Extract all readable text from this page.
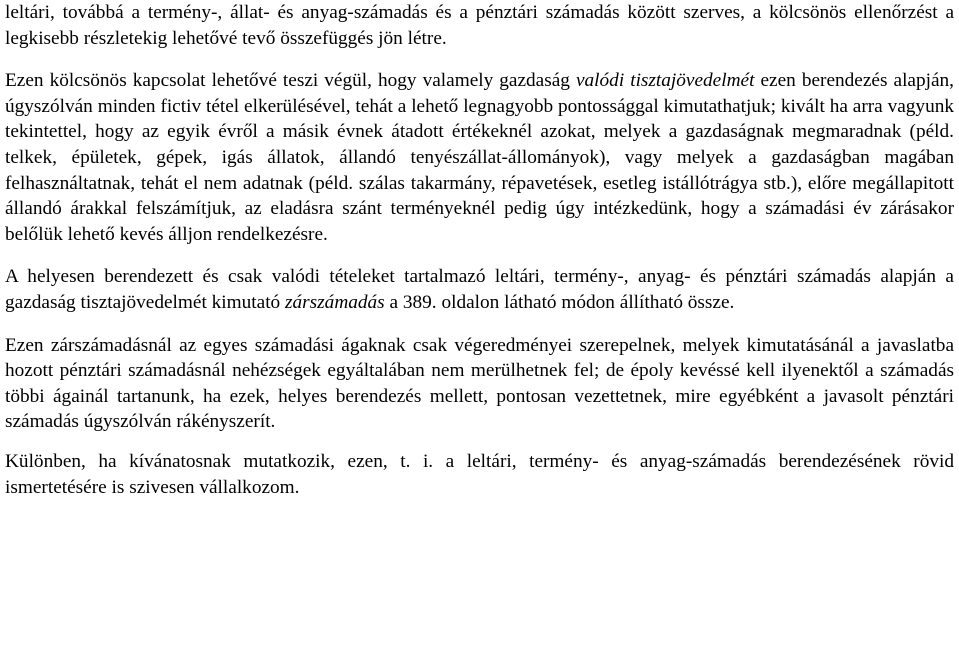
leltári, továbbá a termény-, állat- és anyag-számadás és a pénztári számadás között szerves, a kölcsönös ellenőrzést a legkisebb részletekig lehetővé tevő összefüggés jön létre.

Ezen kölcsönös kapcsolat lehetővé teszi végül, hogy valamely gazdaság valódi tisztajövedelmét ezen berendezés alapján, úgyszólván minden fictiv tétel elkerülésével, tehát a lehető legnagyobb pontossággal kimutathatjuk; kivált ha arra vagyunk tekintettel, hogy az egyik évről a másik évnek átadott értékeknél azokat, melyek a gazdaságnak megmaradnak (péld. telkek, épületek, gépek, igás állatok, állandó tenyészállat-állományok), vagy melyek a gazdaságban magában felhasználtatnak, tehát el nem adatnak (péld. szálas takarmány, répavetések, esetleg istállótrágya stb.), előre megállapitott állandó árakkal felszámítjuk, az eladásra szánt terményeknél pedig úgy intézkedünk, hogy a számadási év zárásakor belőlük lehető kevés álljon rendelkezésre.

A helyesen berendezett és csak valódi tételeket tartalmazó leltári, termény-, anyag- és pénztári számadás alapján a gazdaság tisztajövedelmét kimutató zárszámadás a 389. oldalon látható módon állítható össze.

Ezen zárszámadásnál az egyes számadási ágaknak csak végeredményei szerepelnek, melyek kimutatásánál a javaslatba hozott pénztári számadásnál nehézségek egyáltalában nem merülhetnek fel; de époly kevéssé kell ilyenektől a számadás többi ágainál tartanunk, ha ezek, helyes berendezés mellett, pontosan vezettetnek, mire egyébként a javasolt pénztári számadás úgyszólván rákényszerít.

Különben, ha kívánatosnak mutatkozik, ezen, t. i. a leltári, termény- és anyag-számadás berendezésének rövid ismertetésére is szivesen vállalkozom.
